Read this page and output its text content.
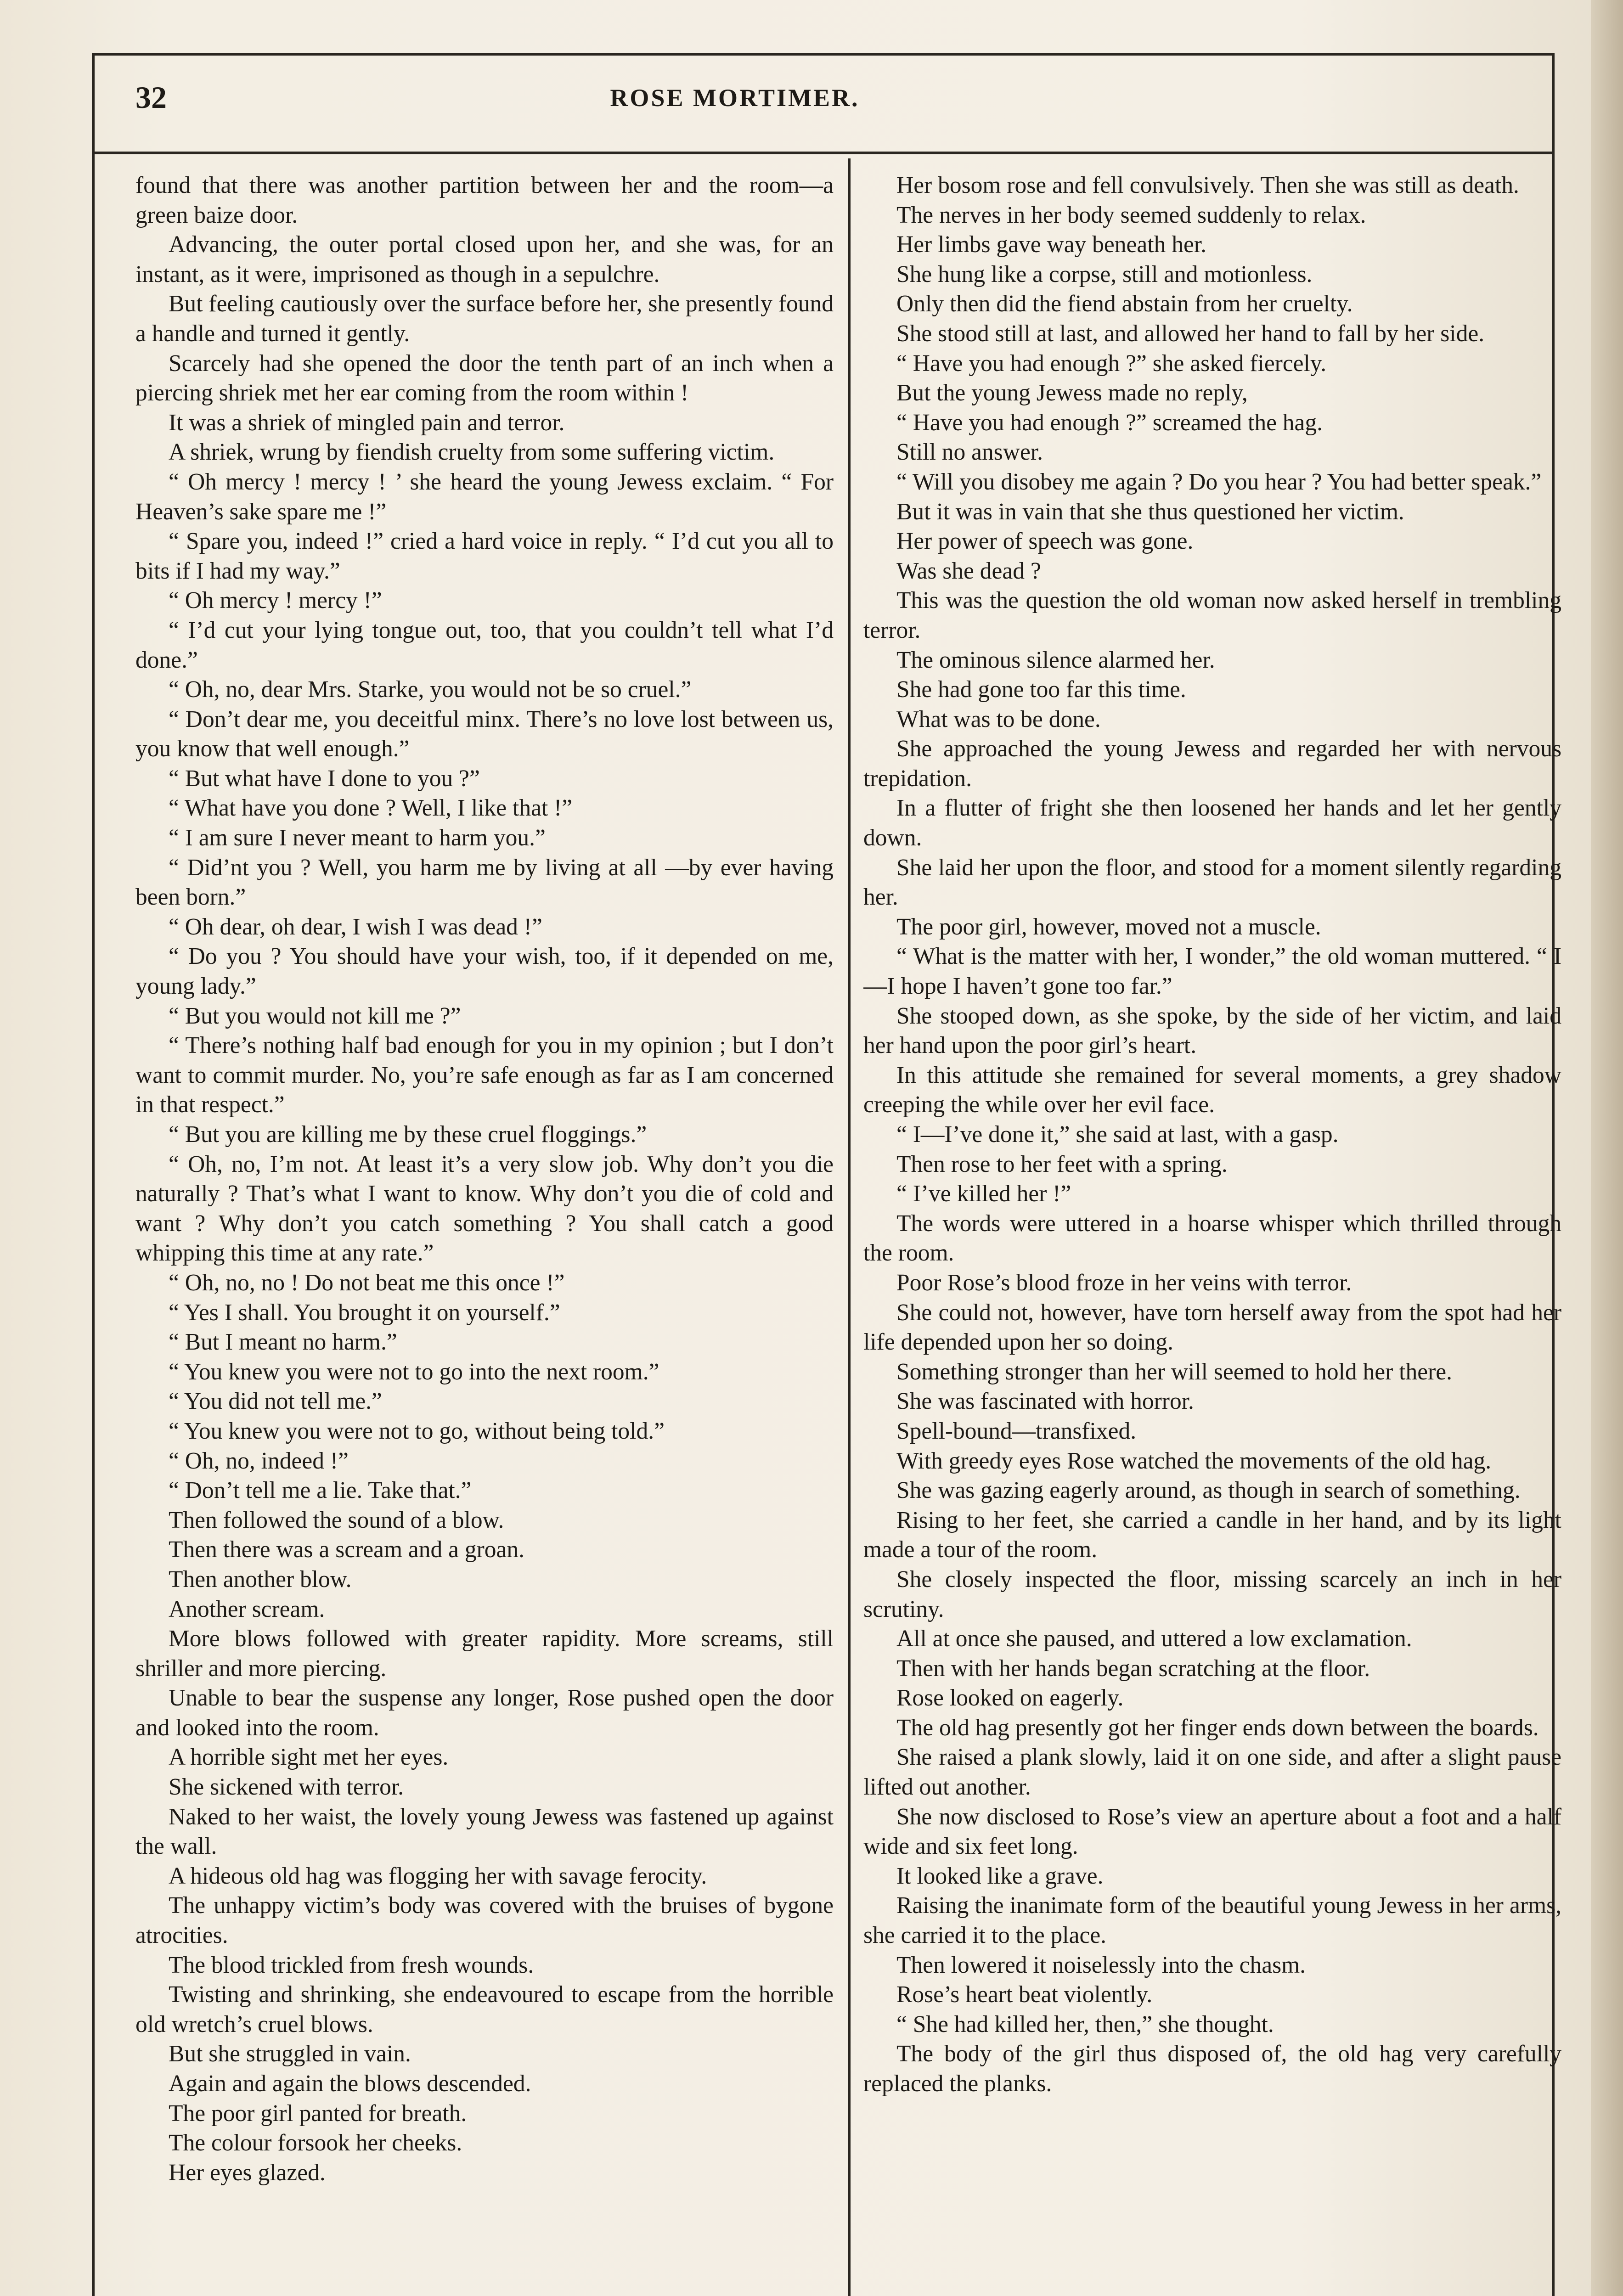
32	ROSE MORTIMER.

found that there was another partition between her and the room—a green baize door.

Advancing, the outer portal closed upon her, and she was, for an instant, as it were, imprisoned as though in a sepulchre.

But feeling cautiously over the surface before her, she presently found a handle and turned it gently.

Scarcely had she opened the door the tenth part of an inch when a piercing shriek met her ear coming from the room within !

It was a shriek of mingled pain and terror.

A shriek, wrung by fiendish cruelty from some suffering victim.

“ Oh mercy ! mercy ! ’ she heard the young Jewess exclaim. “ For Heaven’s sake spare me !”

“ Spare you, indeed !” cried a hard voice in reply. “ I’d cut you all to bits if I had my way.”

“ Oh mercy ! mercy !”

“ I’d cut your lying tongue out, too, that you couldn’t tell what I’d done.”

“ Oh, no, dear Mrs. Starke, you would not be so cruel.”

“ Don’t dear me, you deceitful minx. There’s no love lost between us, you know that well enough.”

“ But what have I done to you ?”

“ What have you done ? Well, I like that !”

“ I am sure I never meant to harm you.”

“ Did’nt you ? Well, you harm me by living at all —by ever having been born.”

“ Oh dear, oh dear, I wish I was dead !”

“ Do you ? You should have your wish, too, if it depended on me, young lady.”

“ But you would not kill me ?”

“ There’s nothing half bad enough for you in my opinion ; but I don’t want to commit murder. No, you’re safe enough as far as I am concerned in that respect.”

“ But you are killing me by these cruel floggings.”

“ Oh, no, I’m not. At least it’s a very slow job. Why don’t you die naturally ? That’s what I want to know. Why don’t you die of cold and want ? Why don’t you catch something ? You shall catch a good whipping this time at any rate.”

“ Oh, no, no ! Do not beat me this once !”

“ Yes I shall. You brought it on yourself.”

“ But I meant no harm.”

“ You knew you were not to go into the next room.”

“ You did not tell me.”

“ You knew you were not to go, without being told.”

“ Oh, no, indeed !”

“ Don’t tell me a lie. Take that.”

Then followed the sound of a blow.

Then there was a scream and a groan.

Then another blow.

Another scream.

More blows followed with greater rapidity. More screams, still shriller and more piercing.

Unable to bear the suspense any longer, Rose pushed open the door and looked into the room.

A horrible sight met her eyes.

She sickened with terror.

Naked to her waist, the lovely young Jewess was fastened up against the wall.

A hideous old hag was flogging her with savage ferocity.

The unhappy victim’s body was covered with the bruises of bygone atrocities.

The blood trickled from fresh wounds.

Twisting and shrinking, she endeavoured to escape from the horrible old wretch’s cruel blows.

But she struggled in vain.

Again and again the blows descended.

The poor girl panted for breath.

The colour forsook her cheeks.

Her eyes glazed.

Her bosom rose and fell convulsively. Then she was still as death.

The nerves in her body seemed suddenly to relax.

Her limbs gave way beneath her.

She hung like a corpse, still and motionless.

Only then did the fiend abstain from her cruelty.

She stood still at last, and allowed her hand to fall by her side.

“ Have you had enough ?” she asked fiercely.

But the young Jewess made no reply,

“ Have you had enough ?” screamed the hag.

Still no answer.

“ Will you disobey me again ? Do you hear ? You had better speak.”

But it was in vain that she thus questioned her victim.

Her power of speech was gone.

Was she dead ?

This was the question the old woman now asked herself in trembling terror.

The ominous silence alarmed her.

She had gone too far this time.

What was to be done.

She approached the young Jewess and regarded her with nervous trepidation.

In a flutter of fright she then loosened her hands and let her gently down.

She laid her upon the floor, and stood for a moment silently regarding her.

The poor girl, however, moved not a muscle.

“ What is the matter with her, I wonder,” the old woman muttered. “ I—I hope I haven’t gone too far.”

She stooped down, as she spoke, by the side of her victim, and laid her hand upon the poor girl’s heart.

In this attitude she remained for several moments, a grey shadow creeping the while over her evil face.

“ I—I’ve done it,” she said at last, with a gasp.

Then rose to her feet with a spring.

“ I’ve killed her !”

The words were uttered in a hoarse whisper which thrilled through the room.

Poor Rose’s blood froze in her veins with terror.

She could not, however, have torn herself away from the spot had her life depended upon her so doing.

Something stronger than her will seemed to hold her there.

She was fascinated with horror.

Spell-bound—transfixed.

With greedy eyes Rose watched the movements of the old hag.

She was gazing eagerly around, as though in search of something.

Rising to her feet, she carried a candle in her hand, and by its light made a tour of the room.

She closely inspected the floor, missing scarcely an inch in her scrutiny.

All at once she paused, and uttered a low exclamation.

Then with her hands began scratching at the floor.

Rose looked on eagerly.

The old hag presently got her finger ends down between the boards.

She raised a plank slowly, laid it on one side, and after a slight pause lifted out another.

She now disclosed to Rose’s view an aperture about a foot and a half wide and six feet long.

It looked like a grave.

Raising the inanimate form of the beautiful young Jewess in her arms, she carried it to the place.

Then lowered it noiselessly into the chasm.

Rose’s heart beat violently.

“ She had killed her, then,” she thought.

The body of the girl thus disposed of, the old hag very carefully replaced the planks.
